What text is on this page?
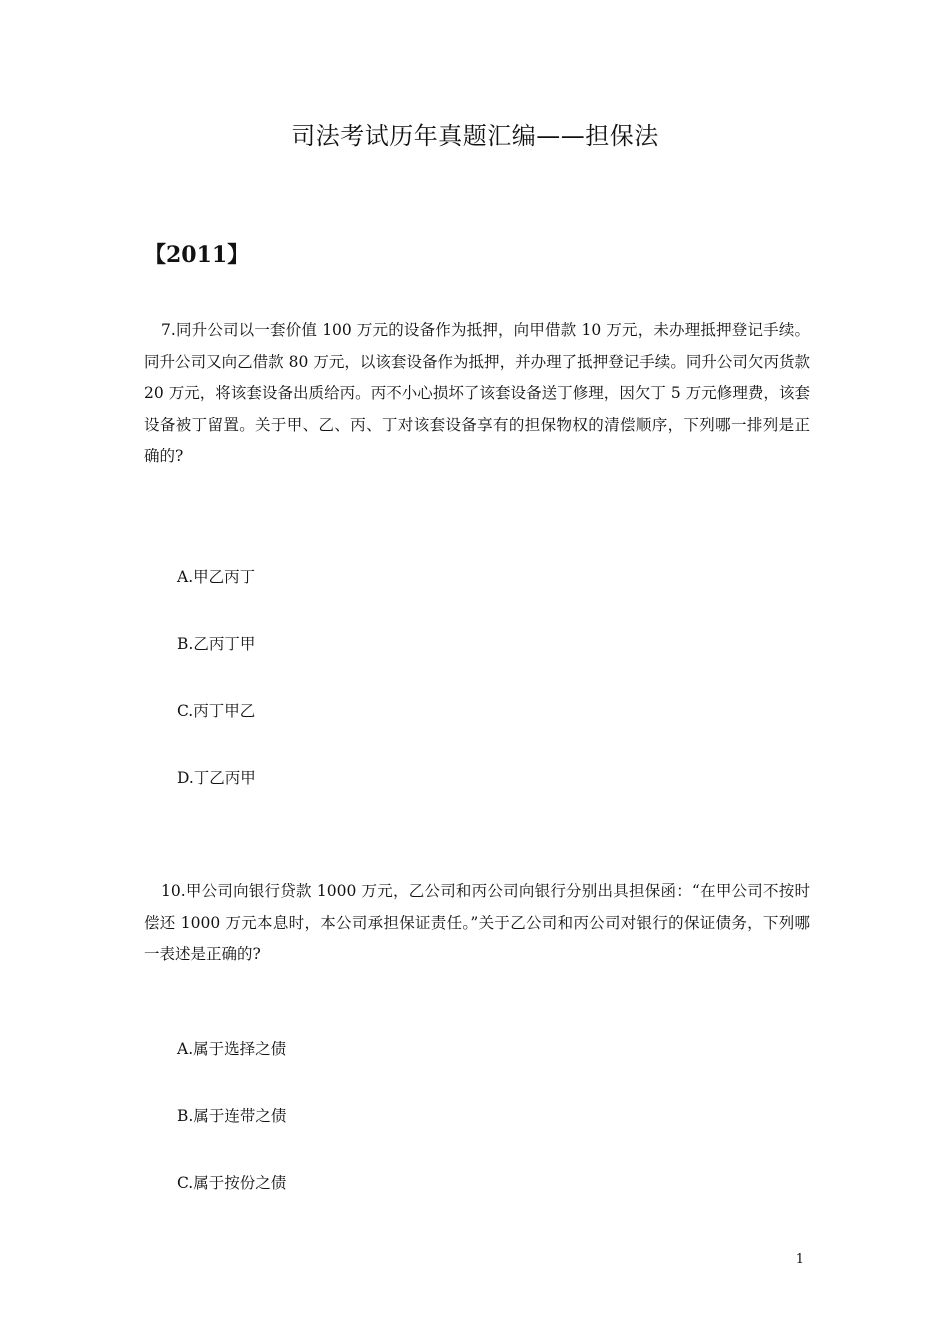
司法考试历年真题汇编——担保法
【2011】

7.同升公司以一套价值 100 万元的设备作为抵押，向甲借款 10 万元，未办理抵押登记手续。同升公司又向乙借款 80 万元，以该套设备作为抵押，并办理了抵押登记手续。同升公司欠丙货款 20 万元，将该套设备出质给丙。丙不小心损坏了该套设备送丁修理，因欠丁 5 万元修理费，该套设备被丁留置。关于甲、乙、丙、丁对该套设备享有的担保物权的清偿顺序，下列哪一排列是正确的?

A.甲乙丙丁
B.乙丙丁甲
C.丙丁甲乙
D.丁乙丙甲

10.甲公司向银行贷款 1000 万元，乙公司和丙公司向银行分别出具担保函：“在甲公司不按时偿还 1000 万元本息时，本公司承担保证责任。”关于乙公司和丙公司对银行的保证债务，下列哪一表述是正确的?

A.属于选择之债
B.属于连带之债
C.属于按份之债
1
